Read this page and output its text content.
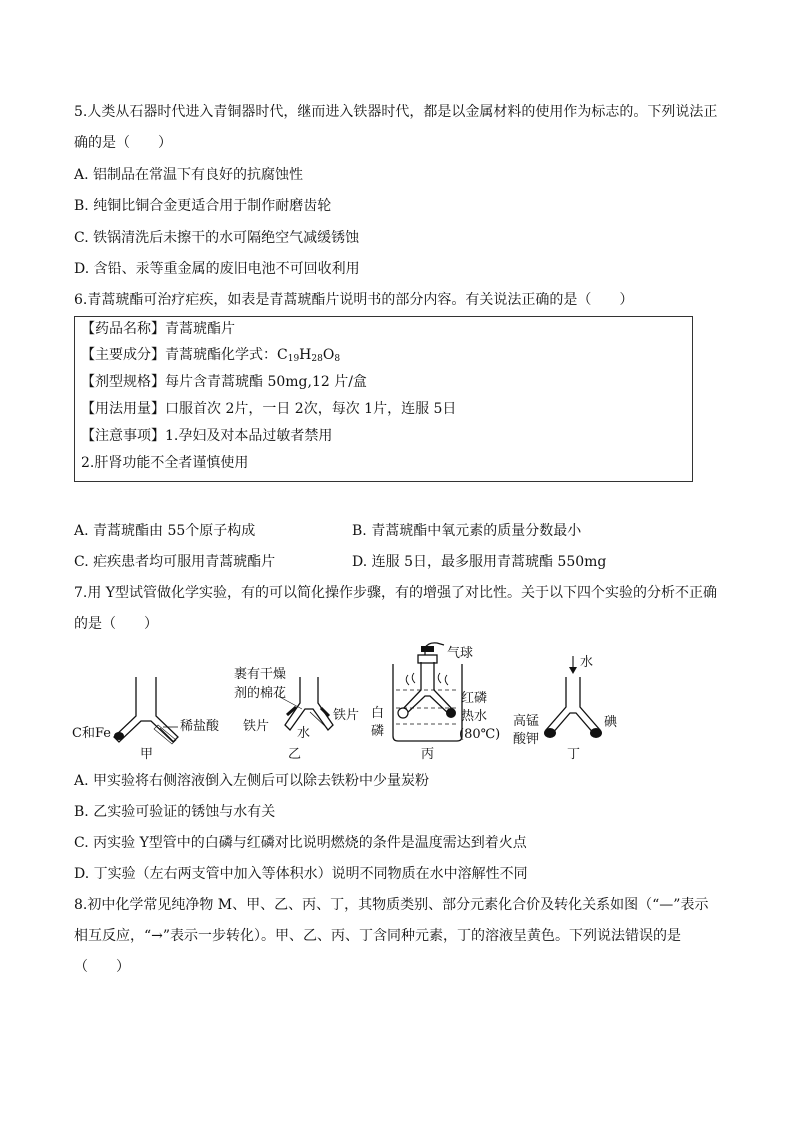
5.人类从石器时代进入青铜器时代，继而进入铁器时代，都是以金属材料的使用作为标志的。下列说法正
确的是（　　）
A. 铝制品在常温下有良好的抗腐蚀性
B. 纯铜比铜合金更适合用于制作耐磨齿轮
C. 铁锅清洗后未擦干的水可隔绝空气减缓锈蚀
D. 含铅、汞等重金属的废旧电池不可回收利用
6.青蒿琥酯可治疗疟疾，如表是青蒿琥酯片说明书的部分内容。有关说法正确的是（　　）
【药品名称】青蒿琥酯片
【主要成分】青蒿琥酯化学式：$C_{19}H_{28}O_8$
【剂型规格】每片含青蒿琥酯 50mg,12 片/盒
【用法用量】口服首次 2片，一日 2次，每次 1片，连服 5日
【注意事项】1.孕妇及对本品过敏者禁用
2.肝肾功能不全者谨慎使用
A. 青蒿琥酯由 55个原子构成	B. 青蒿琥酯中氧元素的质量分数最小
C. 疟疾患者均可服用青蒿琥酯片	D. 连服 5日，最多服用青蒿琥酯 550mg
7.用 Y型试管做化学实验，有的可以简化操作步骤，有的增强了对比性。关于以下四个实验的分析不正确
的是（　　）
C和Fe	稀盐酸
甲
裹有干燥
剂的棉花
铁片
铁片
水
乙
气球
红磷
白
磷
热水
(80℃)
丙
水
高锰
酸钾
碘
丁
A. 甲实验将右侧溶液倒入左侧后可以除去铁粉中少量炭粉
B. 乙实验可验证的锈蚀与水有关
C. 丙实验 Y型管中的白磷与红磷对比说明燃烧的条件是温度需达到着火点
D. 丁实验（左右两支管中加入等体积水）说明不同物质在水中溶解性不同
8.初中化学常见纯净物 M、甲、乙、丙、丁，其物质类别、部分元素化合价及转化关系如图（“—”表示
相互反应，“→”表示一步转化）。甲、乙、丙、丁含同种元素，丁的溶液呈黄色。下列说法错误的是
（　　）
